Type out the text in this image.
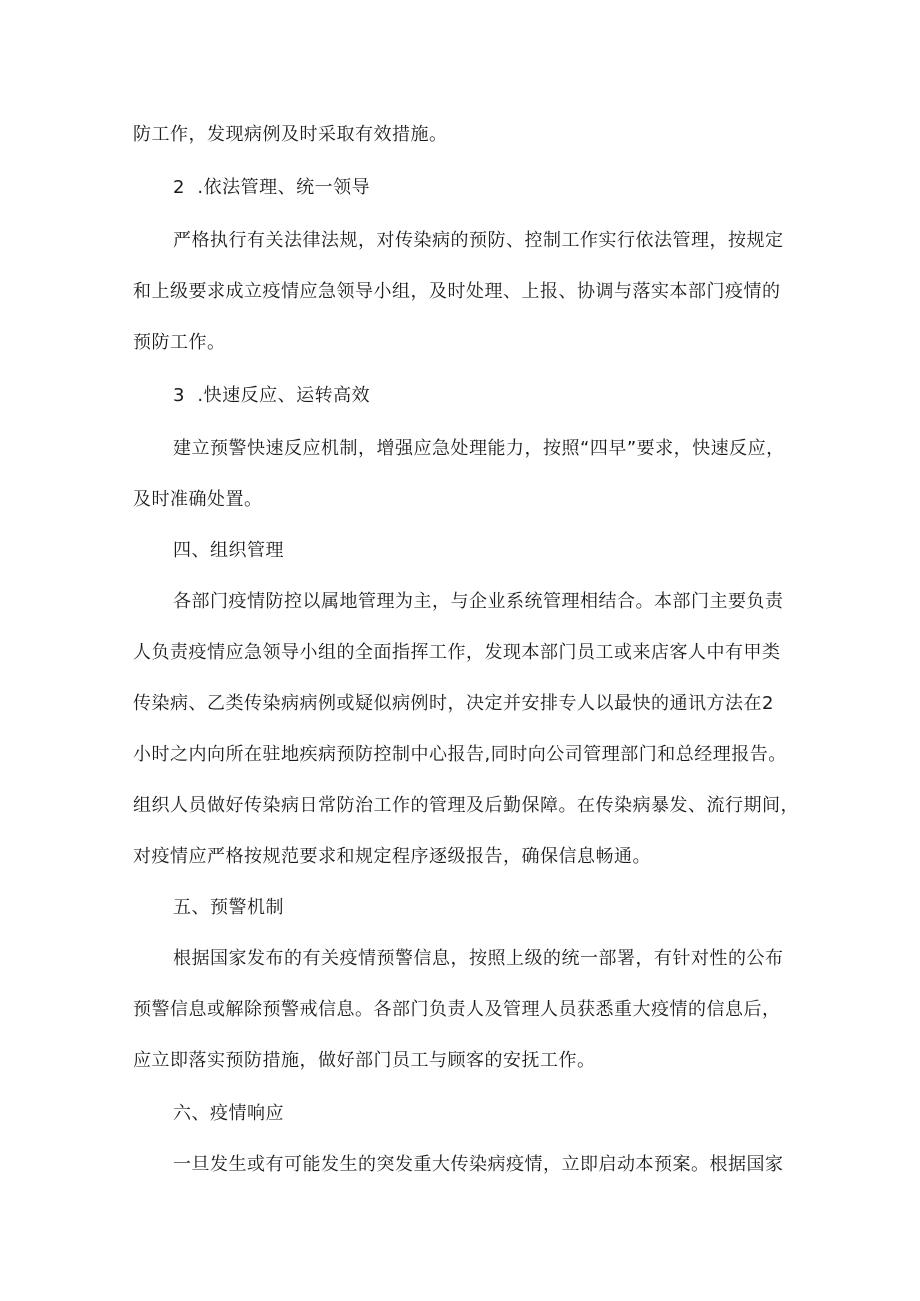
防工作，发现病例及时采取有效措施。
2  .依法管理、统一领导
严格执行有关法律法规，对传染病的预防、控制工作实行依法管理，按规定
和上级要求成立疫情应急领导小组，及时处理、上报、协调与落实本部门疫情的
预防工作。
3  .快速反应、运转高效
建立预警快速反应机制，增强应急处理能力，按照“四早”要求，快速反应，
及时准确处置。
四、组织管理
各部门疫情防控以属地管理为主，与企业系统管理相结合。本部门主要负责
人负责疫情应急领导小组的全面指挥工作，发现本部门员工或来店客人中有甲类
传染病、乙类传染病病例或疑似病例时，决定并安排专人以最快的通讯方法在2
小时之内向所在驻地疾病预防控制中心报告,同时向公司管理部门和总经理报告。
组织人员做好传染病日常防治工作的管理及后勤保障。在传染病暴发、流行期间，
对疫情应严格按规范要求和规定程序逐级报告，确保信息畅通。
五、预警机制
根据国家发布的有关疫情预警信息，按照上级的统一部署，有针对性的公布
预警信息或解除预警戒信息。各部门负责人及管理人员获悉重大疫情的信息后，
应立即落实预防措施，做好部门员工与顾客的安抚工作。
六、疫情响应
一旦发生或有可能发生的突发重大传染病疫情，立即启动本预案。根据国家
